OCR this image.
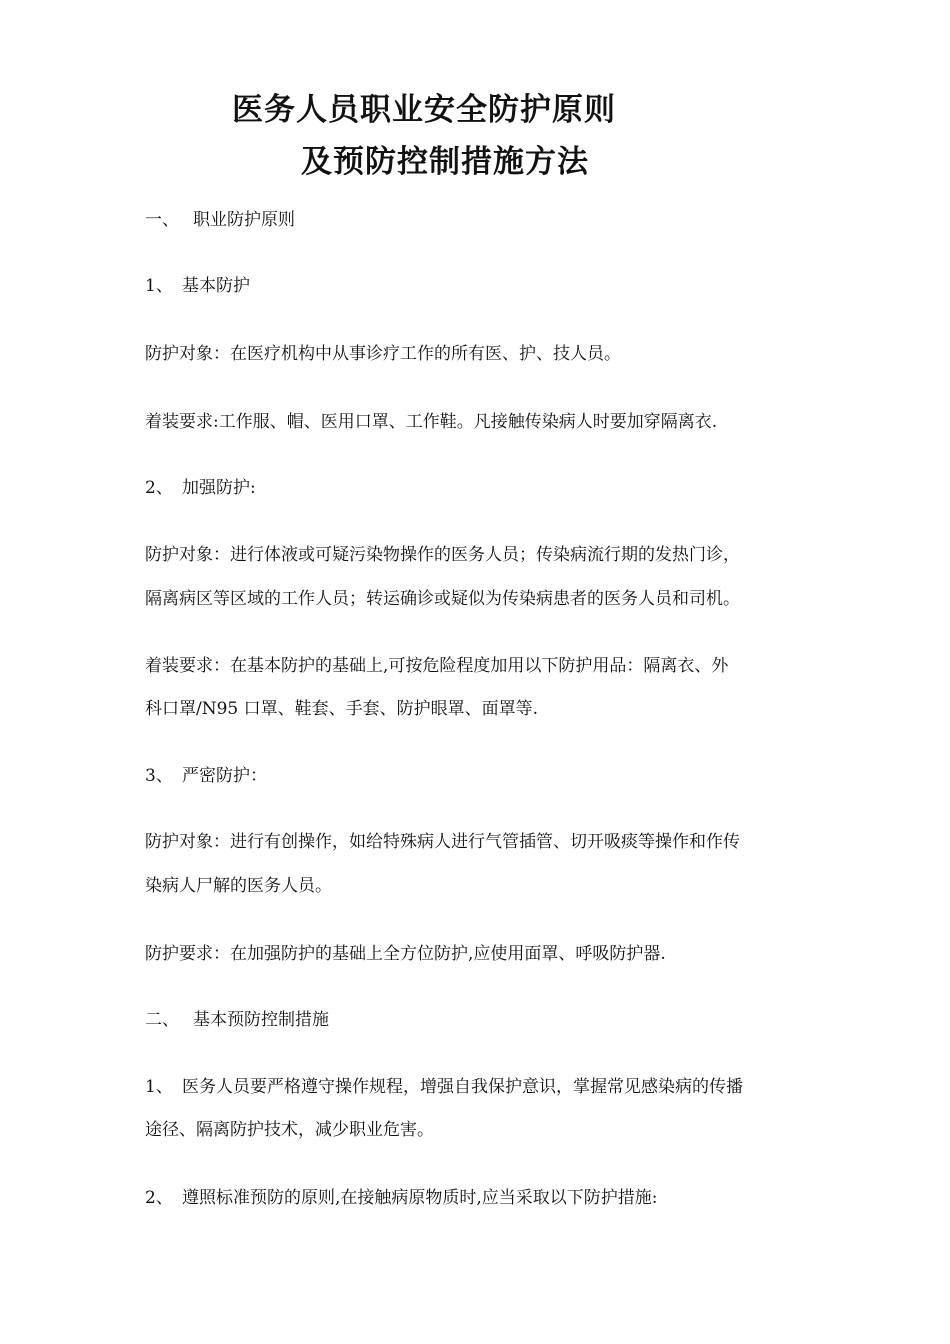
医务人员职业安全防护原则
及预防控制措施方法

一、 职业防护原则

1、 基本防护

防护对象：在医疗机构中从事诊疗工作的所有医、护、技人员。

着装要求:工作服、帽、医用口罩、工作鞋。凡接触传染病人时要加穿隔离衣.

2、 加强防护:

防护对象：进行体液或可疑污染物操作的医务人员；传染病流行期的发热门诊，

隔离病区等区域的工作人员；转运确诊或疑似为传染病患者的医务人员和司机。

着装要求：在基本防护的基础上,可按危险程度加用以下防护用品：隔离衣、外

科口罩/N95 口罩、鞋套、手套、防护眼罩、面罩等.

3、 严密防护：

防护对象：进行有创操作，如给特殊病人进行气管插管、切开吸痰等操作和作传

染病人尸解的医务人员。

防护要求：在加强防护的基础上全方位防护,应使用面罩、呼吸防护器.

二、 基本预防控制措施

1、 医务人员要严格遵守操作规程，增强自我保护意识，掌握常见感染病的传播

途径、隔离防护技术，减少职业危害。

2、 遵照标准预防的原则,在接触病原物质时,应当采取以下防护措施:
